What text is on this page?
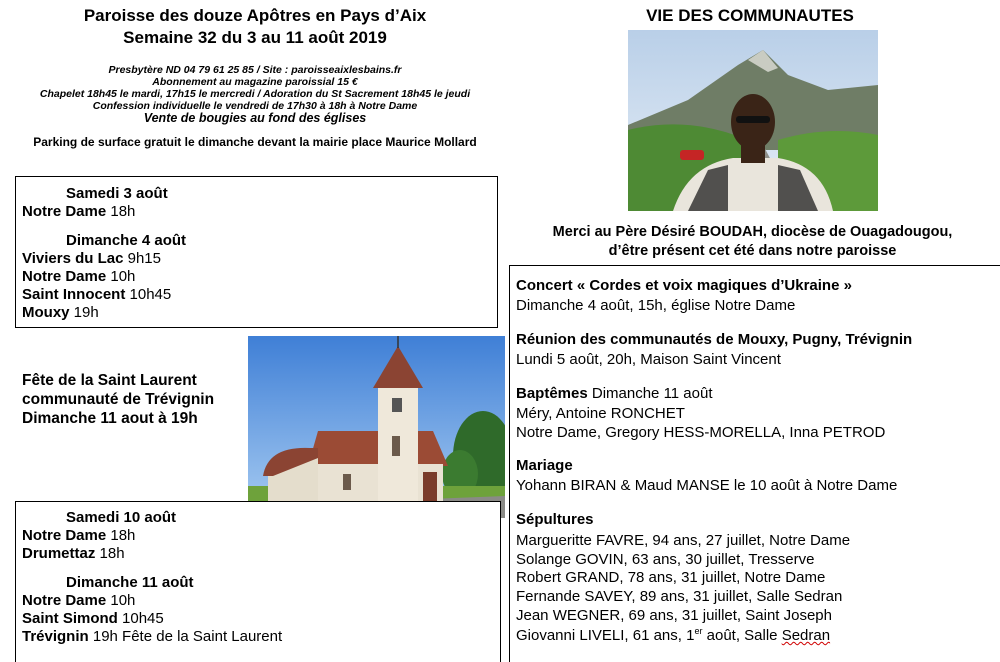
Paroisse des douze Apôtres en Pays d’Aix
Semaine 32 du 3 au 11 août 2019
Presbytère ND 04 79 61 25 85 / Site : paroisseaixlesbains.fr
Abonnement au magazine paroissial 15 €
Chapelet 18h45 le mardi, 17h15 le mercredi / Adoration du St Sacrement 18h45 le jeudi
Confession individuelle le vendredi de 17h30 à 18h à Notre Dame
Vente de bougies au fond des églises
Parking de surface gratuit le dimanche devant la mairie place Maurice Mollard
Samedi 3 août
Notre Dame 18h
Dimanche 4 août
Viviers du Lac 9h15
Notre Dame 10h
Saint Innocent 10h45
Mouxy 19h
Fête de la Saint Laurent
communauté de Trévignin
Dimanche 11 aout à 19h
Samedi 10 août
Notre Dame 18h
Drumettaz 18h
Dimanche 11 août
Notre Dame 10h
Saint Simond 10h45
Trévignin 19h Fête de la Saint Laurent
VIE DES COMMUNAUTES
Merci au Père Désiré BOUDAH, diocèse de Ouagadougou,
d’être présent cet été dans notre paroisse
Concert « Cordes et voix magiques d’Ukraine »
Dimanche 4 août, 15h, église Notre Dame
Réunion des communautés de Mouxy, Pugny, Trévignin
Lundi 5 août, 20h, Maison Saint Vincent
Baptêmes Dimanche 11 août
Méry, Antoine RONCHET
Notre Dame, Gregory HESS-MORELLA, Inna PETROD
Mariage
Yohann BIRAN & Maud MANSE le 10 août à Notre Dame
Sépultures
Margueritte FAVRE, 94 ans, 27 juillet, Notre Dame
Solange GOVIN, 63 ans, 30 juillet, Tresserve
Robert GRAND, 78 ans, 31 juillet, Notre Dame
Fernande SAVEY, 89 ans, 31 juillet, Salle Sedran
Jean WEGNER, 69 ans, 31 juillet, Saint Joseph
Giovanni LIVELI, 61 ans, 1er août, Salle Sedran
